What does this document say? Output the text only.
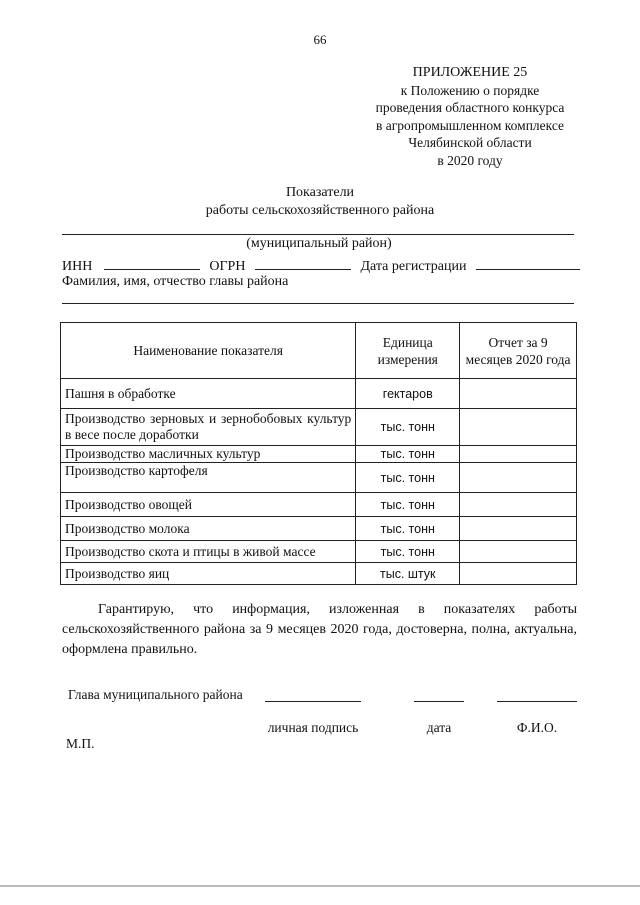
66
ПРИЛОЖЕНИЕ 25
к Положению о порядке
проведения областного конкурса
в агропромышленном комплексе
Челябинской области
в 2020 году
Показатели
работы сельскохозяйственного района
(муниципальный район)
ИНН	ОГРН	Дата регистрации
Фамилия, имя, отчество главы района
Наименование показателя	Единица измерения	Отчет за 9 месяцев 2020 года
Пашня в обработке	гектаров	
Производство зерновых и зернобобовых культур в весе после доработки	тыс. тонн	
Производство масличных культур	тыс. тонн	
Производство картофеля	тыс. тонн	
Производство овощей	тыс. тонн	
Производство молока	тыс. тонн	
Производство скота и птицы в живой массе	тыс. тонн	
Производство яиц	тыс. штук	
Гарантирую, что информация, изложенная в показателях работы сельскохозяйственного района за 9 месяцев 2020 года, достоверна, полна, актуальна, оформлена правильно.
Глава муниципального района
личная подпись	дата	Ф.И.О.
М.П.
